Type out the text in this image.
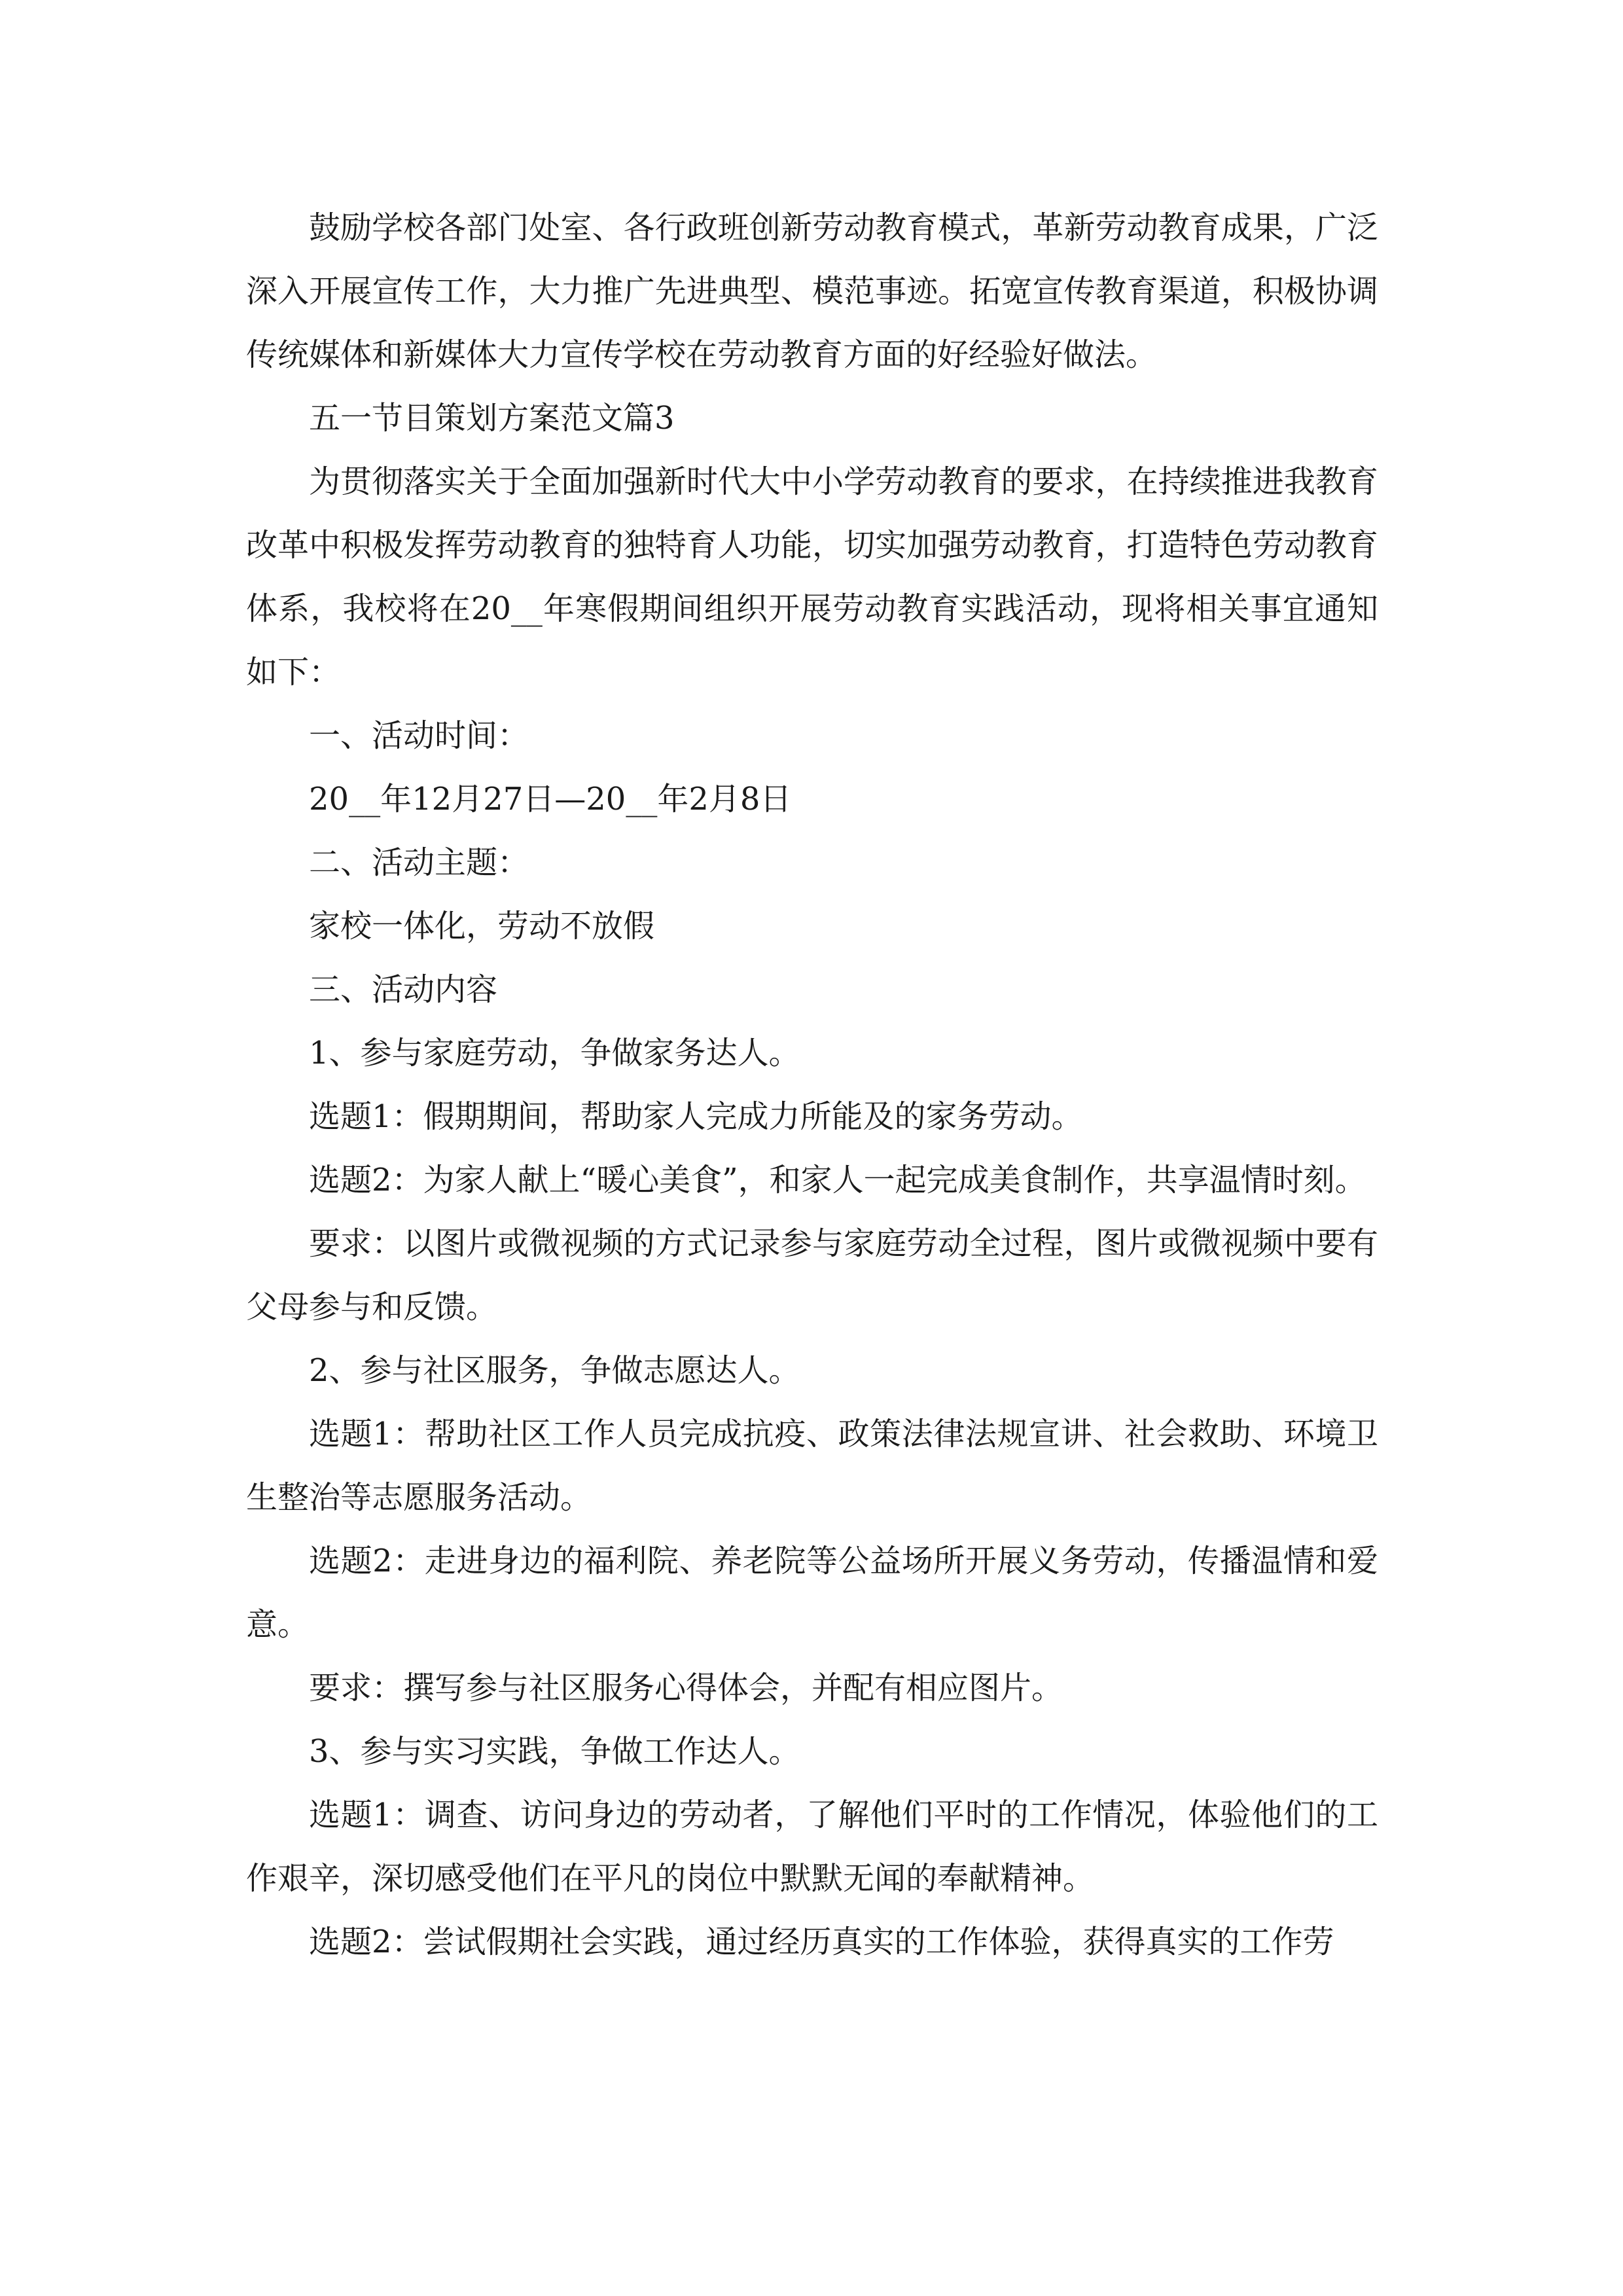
鼓励学校各部门处室、各行政班创新劳动教育模式，革新劳动教育成果，广泛深入开展宣传工作，大力推广先进典型、模范事迹。拓宽宣传教育渠道，积极协调传统媒体和新媒体大力宣传学校在劳动教育方面的好经验好做法。

五一节目策划方案范文篇3

为贯彻落实关于全面加强新时代大中小学劳动教育的要求，在持续推进我教育改革中积极发挥劳动教育的独特育人功能，切实加强劳动教育，打造特色劳动教育体系，我校将在20__年寒假期间组织开展劳动教育实践活动，现将相关事宜通知如下：

一、活动时间：

20__年12月27日—20__年2月8日

二、活动主题：

家校一体化，劳动不放假

三、活动内容

1、参与家庭劳动，争做家务达人。

选题1：假期期间，帮助家人完成力所能及的家务劳动。

选题2：为家人献上“暖心美食”，和家人一起完成美食制作，共享温情时刻。

要求：以图片或微视频的方式记录参与家庭劳动全过程，图片或微视频中要有父母参与和反馈。

2、参与社区服务，争做志愿达人。

选题1：帮助社区工作人员完成抗疫、政策法律法规宣讲、社会救助、环境卫生整治等志愿服务活动。

选题2：走进身边的福利院、养老院等公益场所开展义务劳动，传播温情和爱意。

要求：撰写参与社区服务心得体会，并配有相应图片。

3、参与实习实践，争做工作达人。

选题1：调查、访问身边的劳动者，了解他们平时的工作情况，体验他们的工作艰辛，深切感受他们在平凡的岗位中默默无闻的奉献精神。

选题2：尝试假期社会实践，通过经历真实的工作体验，获得真实的工作劳
